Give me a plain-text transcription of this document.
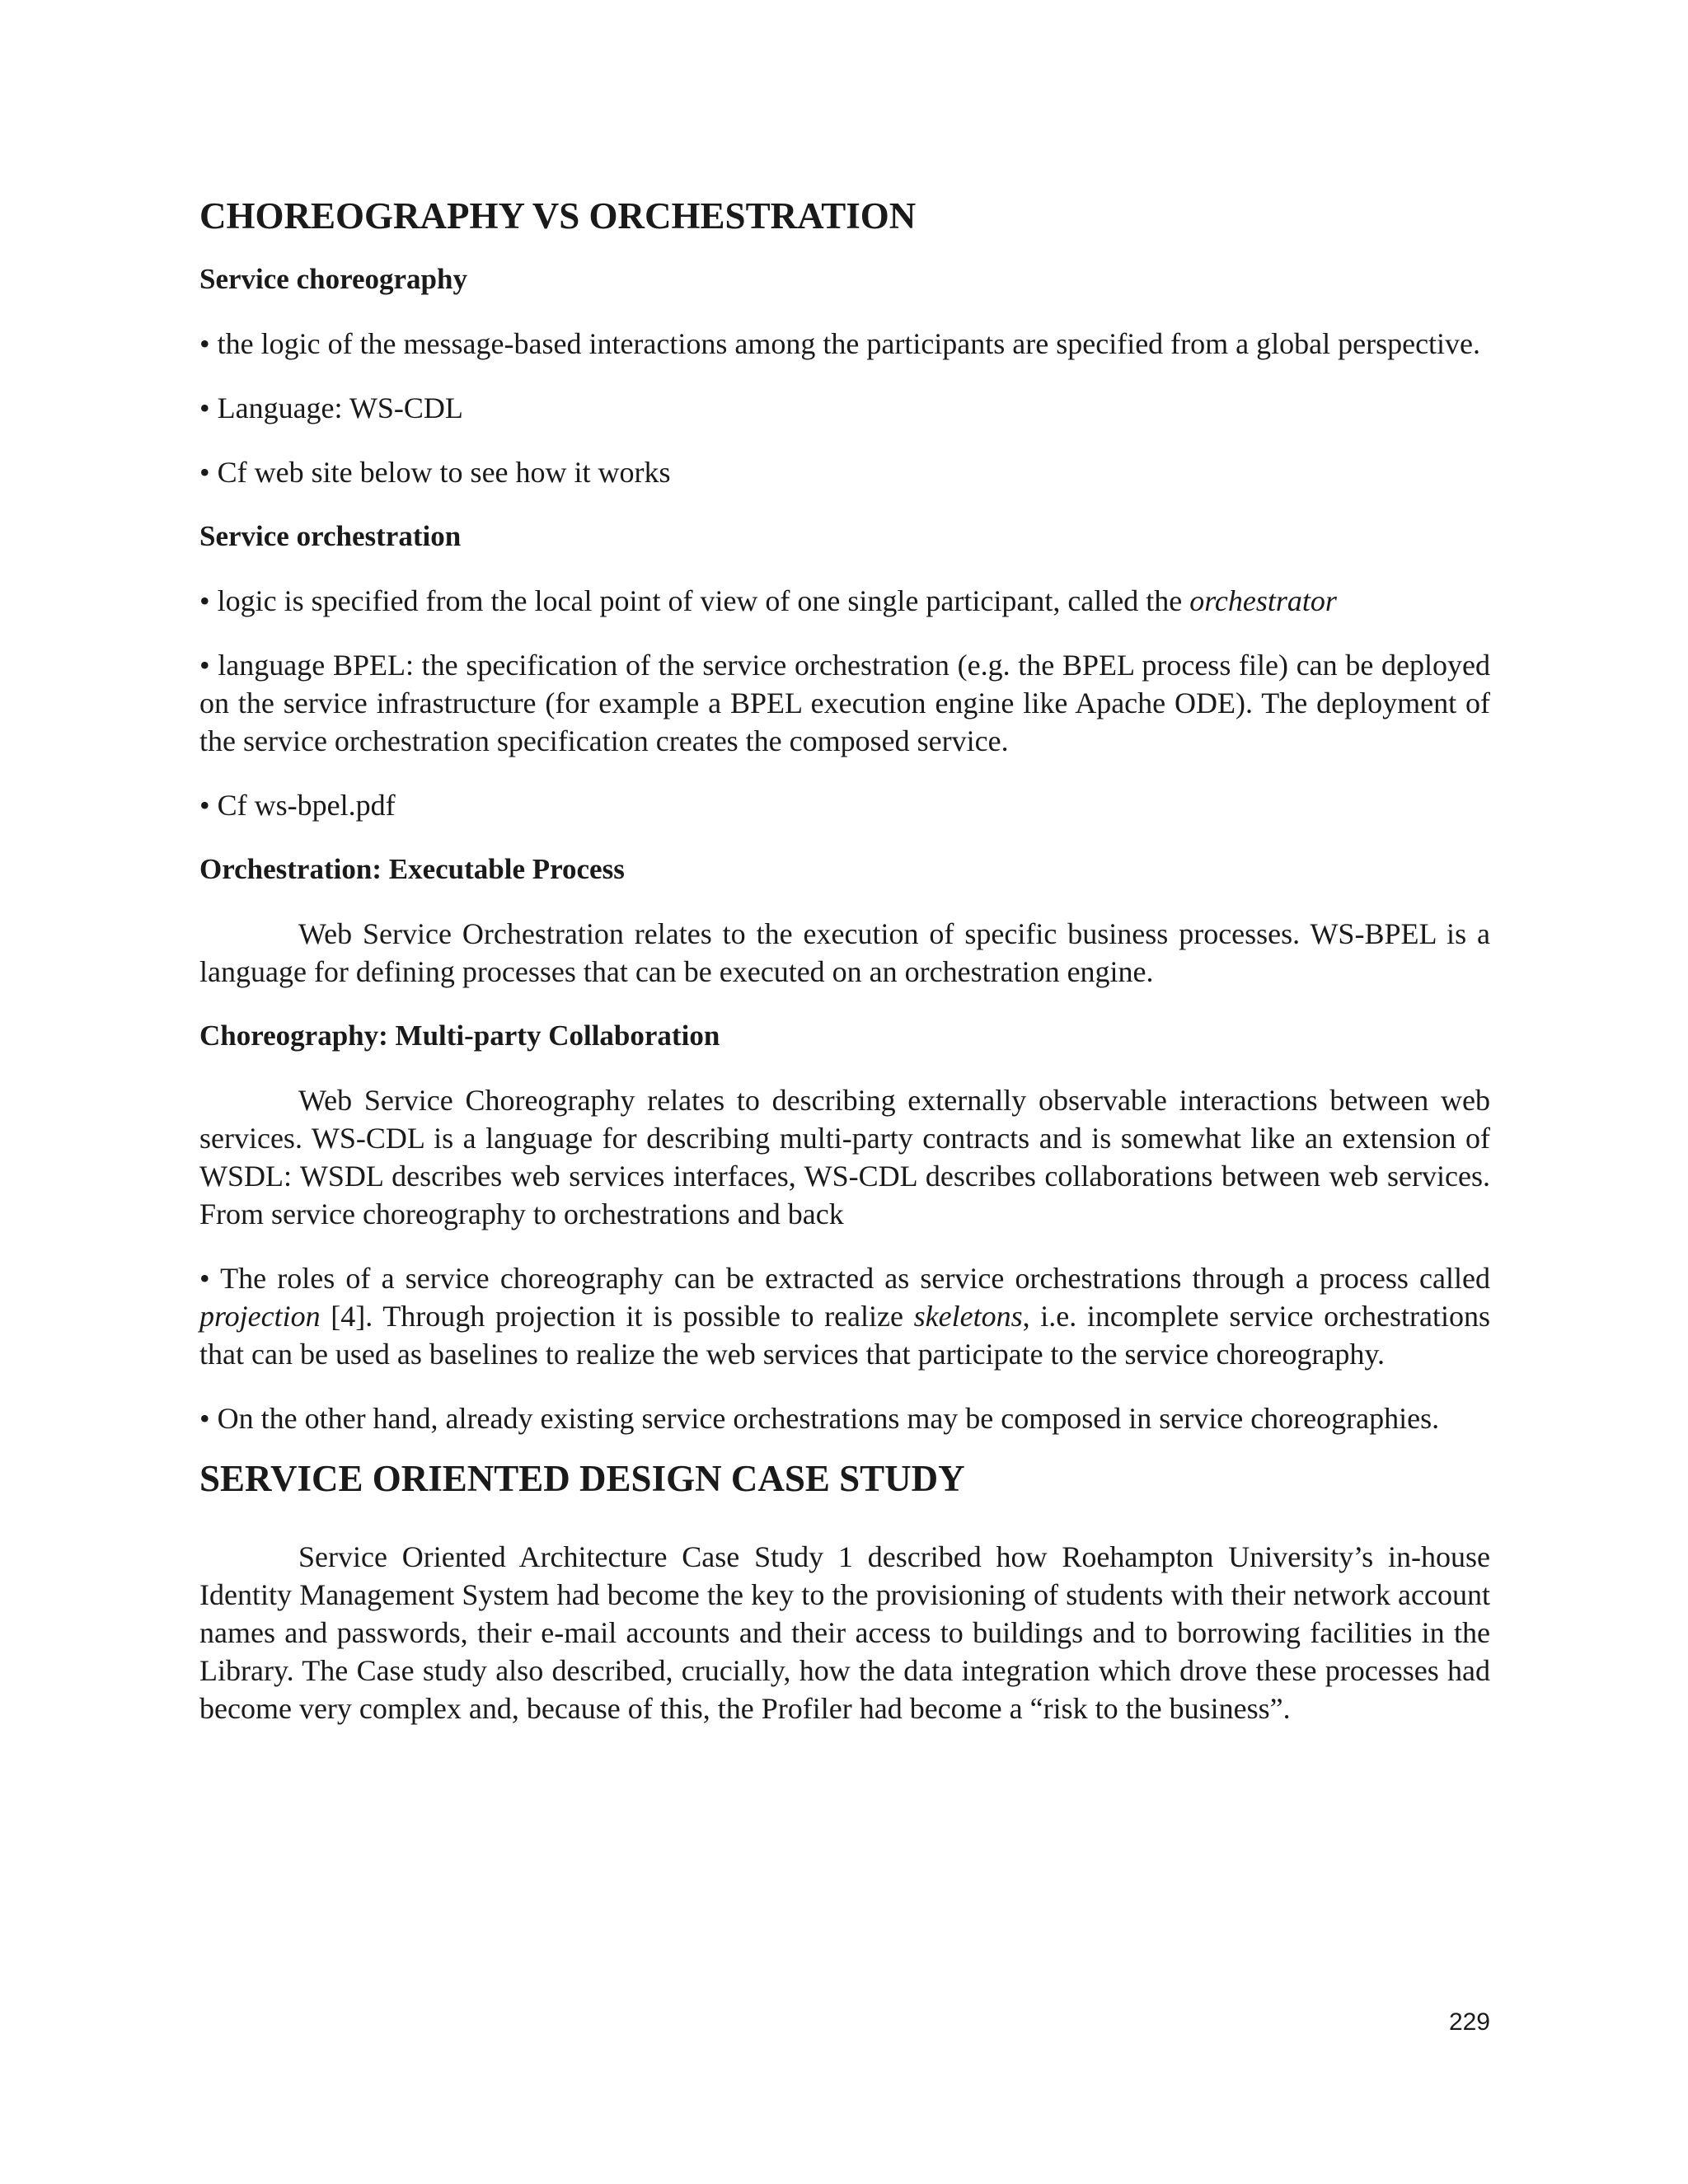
CHOREOGRAPHY VS ORCHESTRATION
Service choreography

• the logic of the message-based interactions among the participants are specified from a global perspective.

• Language: WS-CDL

• Cf web site below to see how it works

Service orchestration

• logic is specified from the local point of view of one single participant, called the orchestrator

• language BPEL: the specification of the service orchestration (e.g. the BPEL process file) can be deployed on the service infrastructure (for example a BPEL execution engine like Apache ODE). The deployment of the service orchestration specification creates the composed service.

• Cf ws-bpel.pdf

Orchestration: Executable Process

Web Service Orchestration relates to the execution of specific business processes. WS-BPEL is a language for defining processes that can be executed on an orchestration engine.

Choreography: Multi-party Collaboration

Web Service Choreography relates to describing externally observable interactions between web services. WS-CDL is a language for describing multi-party contracts and is somewhat like an extension of WSDL: WSDL describes web services interfaces, WS-CDL describes collaborations between web services. From service choreography to orchestrations and back

• The roles of a service choreography can be extracted as service orchestrations through a process called projection [4]. Through projection it is possible to realize skeletons, i.e. incomplete service orchestrations that can be used as baselines to realize the web services that participate to the service choreography.

• On the other hand, already existing service orchestrations may be composed in service choreographies.

SERVICE ORIENTED DESIGN CASE STUDY

Service Oriented Architecture Case Study 1 described how Roehampton University’s in-house Identity Management System had become the key to the provisioning of students with their network account names and passwords, their e-mail accounts and their access to buildings and to borrowing facilities in the Library. The Case study also described, crucially, how the data integration which drove these processes had become very complex and, because of this, the Profiler had become a “risk to the business”.

229
